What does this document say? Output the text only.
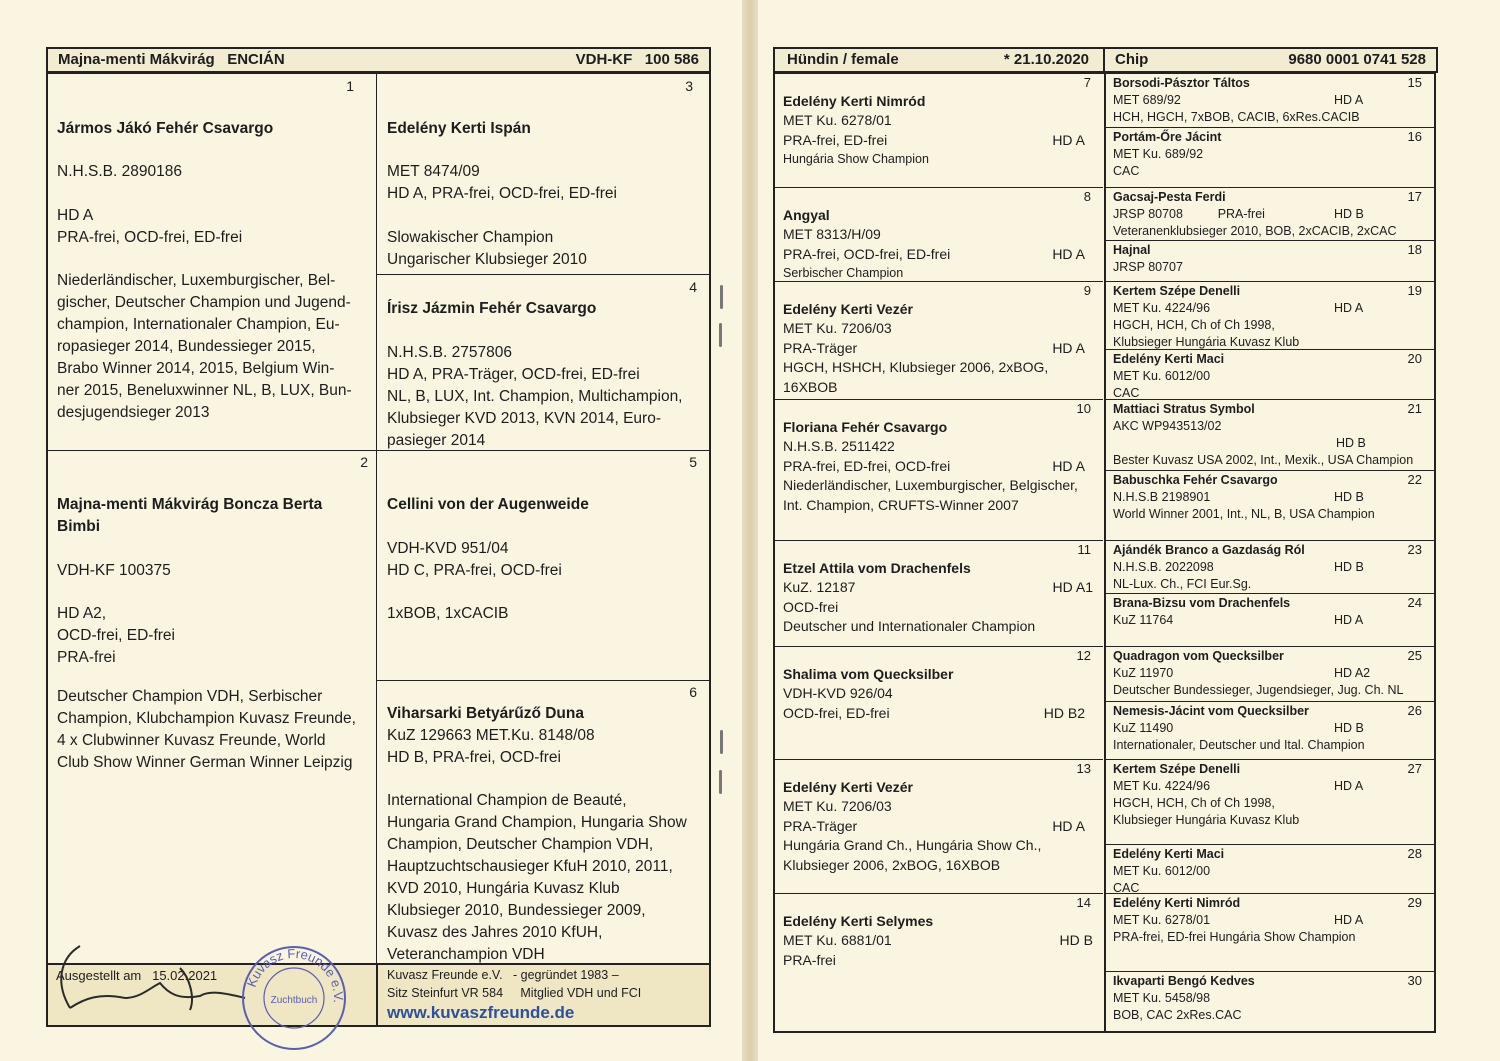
Majna-menti Mákvirág   ENCIÁN	VDH-KF   100 586
1
Jármos Jákó Fehér Csavargo
N.H.S.B. 2890186
HD A
PRA-frei, OCD-frei, ED-frei
Niederländischer, Luxemburgischer, Bel-
gischer, Deutscher Champion und Jugend-
champion, Internationaler Champion, Eu-
ropasieger 2014, Bundessieger 2015,
Brabo Winner 2014, 2015, Belgium Win-
ner 2015, Beneluxwinner NL, B, LUX, Bun-
desjugendsieger 2013
2
Majna-menti Mákvirág Boncza Berta
Bimbi
VDH-KF 100375
HD A2,
OCD-frei, ED-frei
PRA-frei
Deutscher Champion VDH, Serbischer
Champion, Klubchampion Kuvasz Freunde,
4 x Clubwinner Kuvasz Freunde, World
Club Show Winner German Winner Leipzig
3
Edelény Kerti Ispán
MET 8474/09
HD A, PRA-frei, OCD-frei, ED-frei
Slowakischer Champion
Ungarischer Klubsieger 2010
4
Írisz Jázmin Fehér Csavargo
N.H.S.B. 2757806
HD A, PRA-Träger, OCD-frei, ED-frei
NL, B, LUX, Int. Champion, Multichampion,
Klubsieger KVD 2013, KVN 2014, Euro-
pasieger 2014
5
Cellini von der Augenweide
VDH-KVD 951/04
HD C, PRA-frei, OCD-frei
1xBOB, 1xCACIB
6
Viharsarki Betyárűző Duna
KuZ 129663 MET.Ku. 8148/08
HD B, PRA-frei, OCD-frei
International Champion de Beauté,
Hungaria Grand Champion, Hungaria Show
Champion, Deutscher Champion VDH,
Hauptzuchtschausieger KfuH 2010, 2011,
KVD 2010, Hungária Kuvasz Klub
Klubsieger 2010, Bundessieger 2009,
Kuvasz des Jahres 2010 KfUH,
Veteranchampion VDH
Ausgestellt am   15.02.2021	Kuvasz Freunde e.V.   - gegründet 1983 –
Sitz Steinfurt VR 584     Mitglied VDH und FCI
www.kuvaszfreunde.de
Kuvasz Freunde e.
Zuchtbuch
Hündin / female	* 21.10.2020 Chip	9680 0001 0741 528
7
Edelény Kerti Nimród
MET Ku. 6278/01
PRA-frei, ED-frei	HD A
Hungária Show Champion
8
Angyal
MET 8313/H/09
PRA-frei, OCD-frei, ED-frei	HD A
Serbischer Champion
9
Edelény Kerti Vezér
MET Ku. 7206/03
PRA-Träger	HD A
HGCH, HSHCH, Klubsieger 2006, 2xBOG,
16XBOB
10
Floriana Fehér Csavargo
N.H.S.B. 2511422
PRA-frei, ED-frei, OCD-frei	HD A
Niederländischer, Luxemburgischer, Belgischer,
Int. Champion, CRUFTS-Winner 2007
11
Etzel Attila vom Drachenfels
KuZ. 12187	HD A1
OCD-frei
Deutscher und Internationaler Champion
12
Shalima vom Quecksilber
VDH-KVD 926/04
OCD-frei, ED-frei	HD B2
13
Edelény Kerti Vezér
MET Ku. 7206/03
PRA-Träger	HD A
Hungária Grand Ch., Hungária Show Ch.,
Klubsieger 2006, 2xBOG, 16XBOB
14
Edelény Kerti Selymes
MET Ku. 6881/01	HD B
PRA-frei
15
Borsodi-Pásztor Táltos
MET 689/92	HD A
HCH, HGCH, 7xBOB, CACIB, 6xRes.CACIB
16
Portám-Őre Jácint
MET Ku. 689/92
CAC
17
Gacsaj-Pesta Ferdi
JRSP 80708          PRA-frei	HD B
Veteranenklubsieger 2010, BOB, 2xCACIB, 2xCAC
18
Hajnal
JRSP 80707
19
Kertem Szépe Denelli
MET Ku. 4224/96	HD A
HGCH, HCH, Ch of Ch 1998,
Klubsieger Hungária Kuvasz Klub
20
Edelény Kerti Maci
MET Ku. 6012/00
CAC
21
Mattiaci Stratus Symbol
AKC WP943513/02
HD B
Bester Kuvasz USA 2002, Int., Mexik., USA Champion
22
Babuschka Fehér Csavargo
N.H.S.B 2198901	HD B
World Winner 2001, Int., NL, B, USA Champion
23
Ajándék Branco a Gazdaság Ról
N.H.S.B. 2022098	HD B
NL-Lux. Ch., FCI Eur.Sg.
24
Brana-Bizsu vom Drachenfels
KuZ 11764	HD A
25
Quadragon vom Quecksilber
KuZ 11970	HD A2
Deutscher Bundessieger, Jugendsieger, Jug. Ch. NL
26
Nemesis-Jácint vom Quecksilber
KuZ 11490	HD B
Internationaler, Deutscher und Ital. Champion
27
Kertem Szépe Denelli
MET Ku. 4224/96	HD A
HGCH, HCH, Ch of Ch 1998,
Klubsieger Hungária Kuvasz Klub
28
Edelény Kerti Maci
MET Ku. 6012/00
CAC
29
Edelény Kerti Nimród
MET Ku. 6278/01	HD A
PRA-frei, ED-frei Hungária Show Champion
30
Ikvaparti Bengó Kedves
MET Ku. 5458/98
BOB, CAC 2xRes.CAC
